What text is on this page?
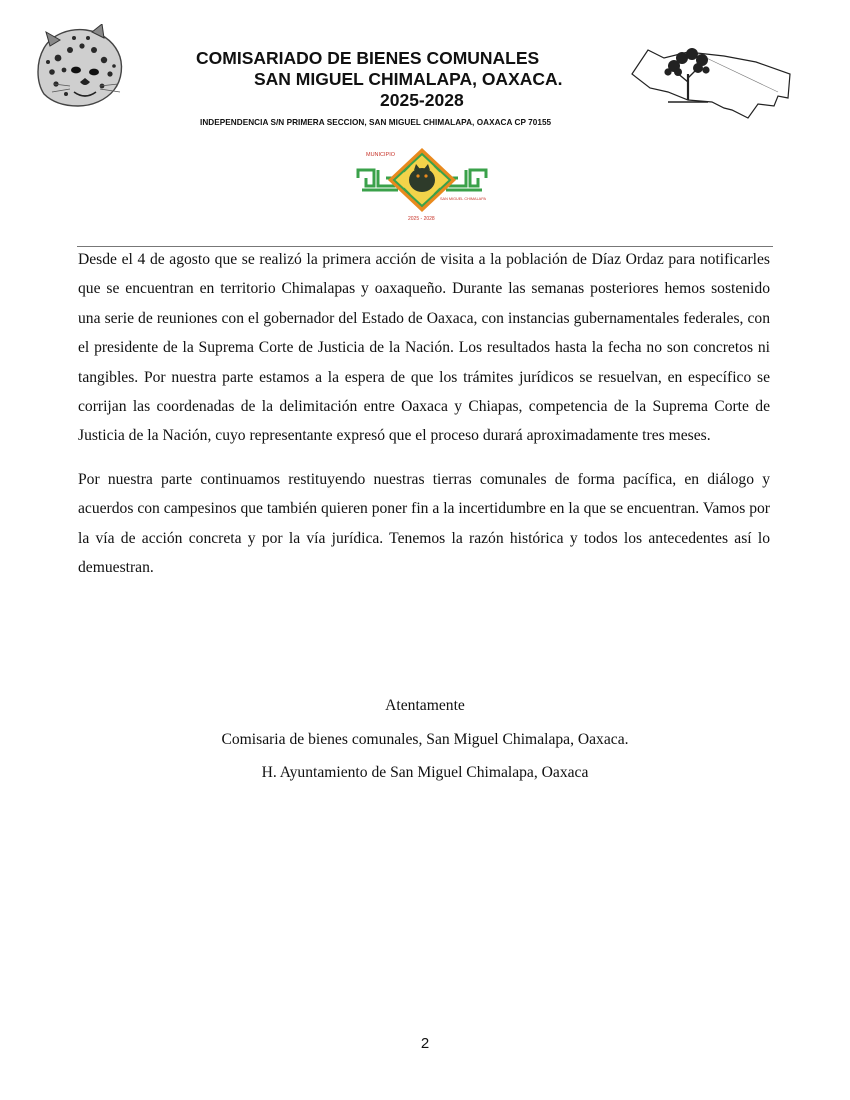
COMISARIADO DE BIENES COMUNALES
SAN MIGUEL CHIMALAPA, OAXACA.
2025-2028
INDEPENDENCIA S/N PRIMERA SECCION, SAN MIGUEL CHIMALAPA, OAXACA CP 70155
MUNICIPIO
2025 - 2028
SAN MIGUEL CHIMALAPA

Desde el 4 de agosto que se realizó la primera acción de visita a la población de Díaz Ordaz para notificarles que se encuentran en territorio Chimalapas y oaxaqueño. Durante las semanas posteriores hemos sostenido una serie de reuniones con el gobernador del Estado de Oaxaca, con instancias gubernamentales federales, con el presidente de la Suprema Corte de Justicia de la Nación. Los resultados hasta la fecha no son concretos ni tangibles. Por nuestra parte estamos a la espera de que los trámites jurídicos se resuelvan, en específico se corrijan las coordenadas de la delimitación entre Oaxaca y Chiapas, competencia de la Suprema Corte de Justicia de la Nación, cuyo representante expresó que el proceso durará aproximadamente tres meses.

Por nuestra parte continuamos restituyendo nuestras tierras comunales de forma pacífica, en diálogo y acuerdos con campesinos que también quieren poner fin a la incertidumbre en la que se encuentran. Vamos por la vía de acción concreta y por la vía jurídica. Tenemos la razón histórica y todos los antecedentes así lo demuestran.

Atentamente
Comisaria de bienes comunales, San Miguel Chimalapa, Oaxaca.
H. Ayuntamiento de San Miguel Chimalapa, Oaxaca
2
